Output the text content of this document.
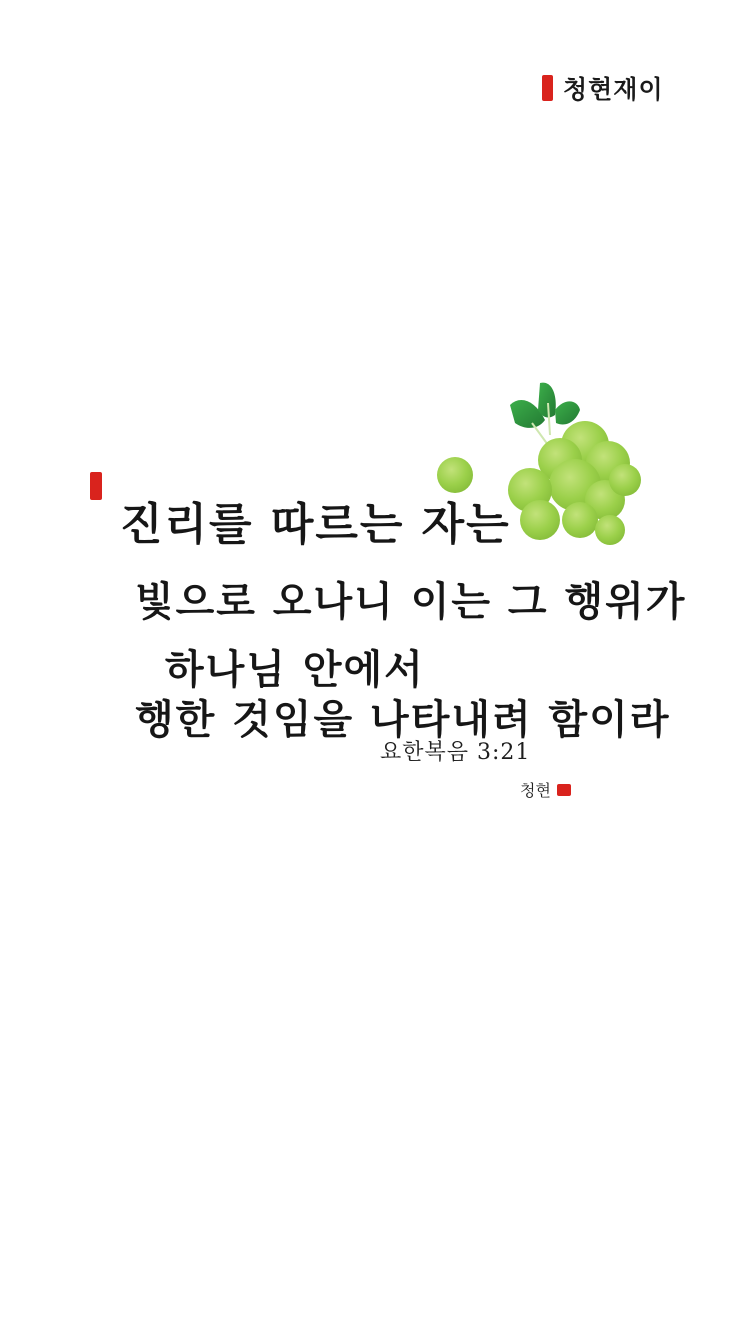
청현재이
진리를 따르는 자는
빛으로 오나니 이는 그 행위가
하나님 안에서
행한 것임을 나타내려 함이라
요한복음 3:21
청현
